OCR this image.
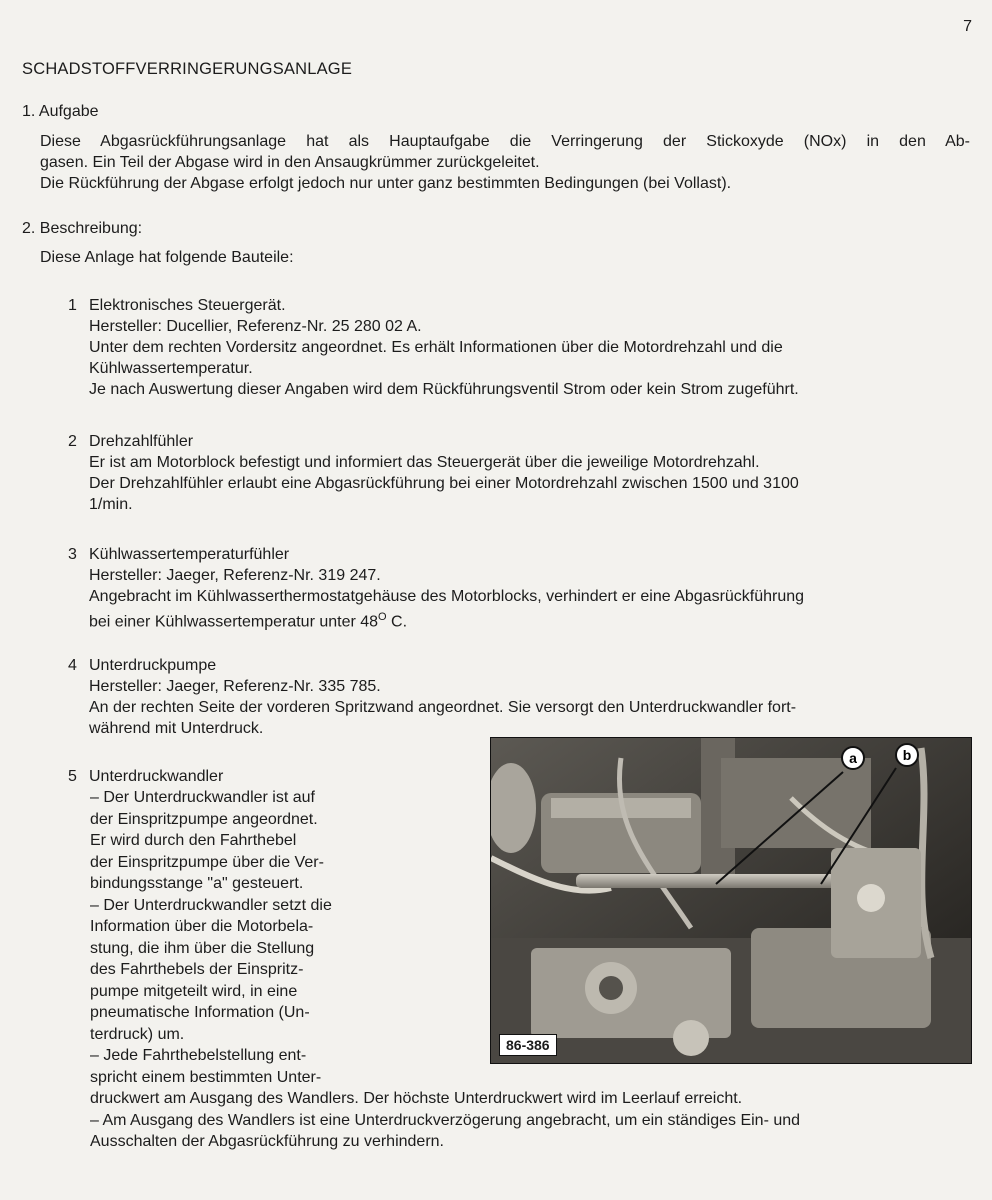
7
SCHADSTOFFVERRINGERUNGSANLAGE
1. Aufgabe
Diese Abgasrückführungsanlage hat als Hauptaufgabe die Verringerung der Stickoxyde (NOx) in den Ab-
gasen. Ein Teil der Abgase wird in den Ansaugkrümmer zurückgeleitet.
Die Rückführung der Abgase erfolgt jedoch nur unter ganz bestimmten Bedingungen (bei Vollast).
2. Beschreibung:
Diese Anlage hat folgende Bauteile:
1 Elektronisches Steuergerät.
Hersteller: Ducellier, Referenz-Nr. 25 280 02 A.
Unter dem rechten Vordersitz angeordnet. Es erhält Informationen über die Motordrehzahl und die
Kühlwassertemperatur.
Je nach Auswertung dieser Angaben wird dem Rückführungsventil Strom oder kein Strom zugeführt.
2 Drehzahlfühler
Er ist am Motorblock befestigt und informiert das Steuergerät über die jeweilige Motordrehzahl.
Der Drehzahlfühler erlaubt eine Abgasrückführung bei einer Motordrehzahl zwischen 1500 und 3100
1/min.
3 Kühlwassertemperaturfühler
Hersteller: Jaeger, Referenz-Nr. 319 247.
Angebracht im Kühlwasserthermostatgehäuse des Motorblocks, verhindert er eine Abgasrückführung
bei einer Kühlwassertemperatur unter $48^O$ C.
4 Unterdruckpumpe
Hersteller: Jaeger, Referenz-Nr. 335 785.
An der rechten Seite der vorderen Spritzwand angeordnet. Sie versorgt den Unterdruckwandler fort-
während mit Unterdruck.
5 Unterdruckwandler
– Der Unterdruckwandler ist auf
der Einspritzpumpe angeordnet.
Er wird durch den Fahrthebel
der Einspritzpumpe über die Ver-
bindungsstange "a" gesteuert.
– Der Unterdruckwandler setzt die
Information über die Motorbela-
stung, die ihm über die Stellung
des Fahrthebels der Einspritz-
pumpe mitgeteilt wird, in eine
pneumatische Information (Un-
terdruck) um.
– Jede Fahrthebelstellung ent-
spricht einem bestimmten Unter-
druckwert am Ausgang des Wandlers. Der höchste Unterdruckwert wird im Leerlauf erreicht.
– Am Ausgang des Wandlers ist eine Unterdruckverzögerung angebracht, um ein ständiges Ein- und
Ausschalten der Abgasrückführung zu verhindern.
a	b
86-386
